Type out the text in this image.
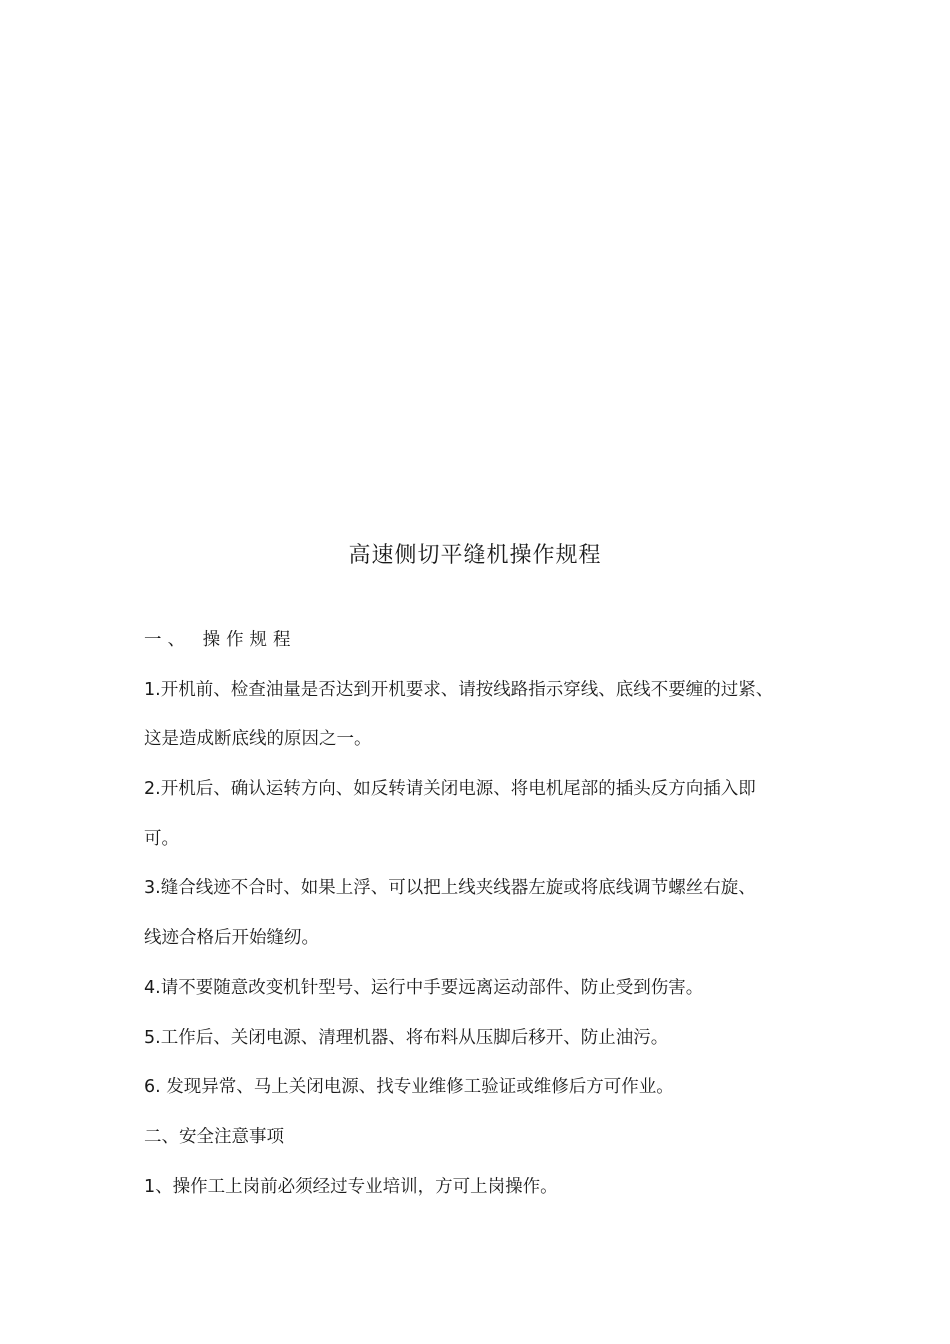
高速侧切平缝机操作规程
一、 操作规程
1.开机前、检查油量是否达到开机要求、请按线路指示穿线、底线不要缠的过紧、
这是造成断底线的原因之一。
2.开机后、确认运转方向、如反转请关闭电源、将电机尾部的插头反方向插入即
可。
3.缝合线迹不合时、如果上浮、可以把上线夹线器左旋或将底线调节螺丝右旋、
线迹合格后开始缝纫。
4.请不要随意改变机针型号、运行中手要远离运动部件、防止受到伤害。
5.工作后、关闭电源、清理机器、将布料从压脚后移开、防止油污。
6. 发现异常、马上关闭电源、找专业维修工验证或维修后方可作业。
二、安全注意事项
1、操作工上岗前必须经过专业培训，方可上岗操作。
